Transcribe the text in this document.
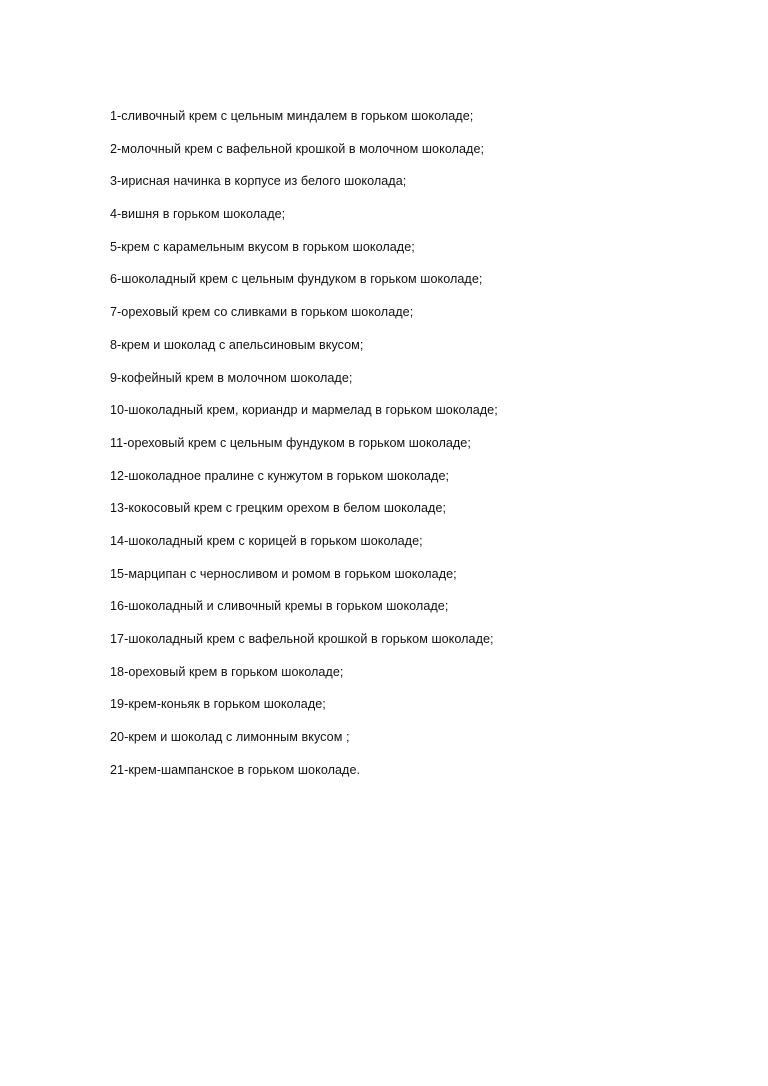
1-сливочный крем с цельным миндалем в горьком шоколаде;
2-молочный крем с вафельной крошкой в молочном шоколаде;
3-ирисная начинка в корпусе из белого шоколада;
4-вишня в горьком шоколаде;
5-крем с карамельным вкусом в горьком шоколаде;
6-шоколадный крем с цельным фундуком в горьком шоколаде;
7-ореховый крем со сливками в горьком шоколаде;
8-крем и шоколад с апельсиновым вкусом;
9-кофейный крем в молочном шоколаде;
10-шоколадный крем, кориандр и мармелад в горьком шоколаде;
11-ореховый крем с цельным фундуком в горьком шоколаде;
12-шоколадное пралине с кунжутом в горьком шоколаде;
13-кокосовый крем с грецким орехом в белом шоколаде;
14-шоколадный крем с корицей в горьком шоколаде;
15-марципан с черносливом и ромом в горьком шоколаде;
16-шоколадный и сливочный кремы в горьком шоколаде;
17-шоколадный крем с вафельной крошкой в горьком шоколаде;
18-ореховый крем в горьком шоколаде;
19-крем-коньяк в горьком шоколаде;
20-крем и шоколад с лимонным вкусом ;
21-крем-шампанское в горьком шоколаде.
